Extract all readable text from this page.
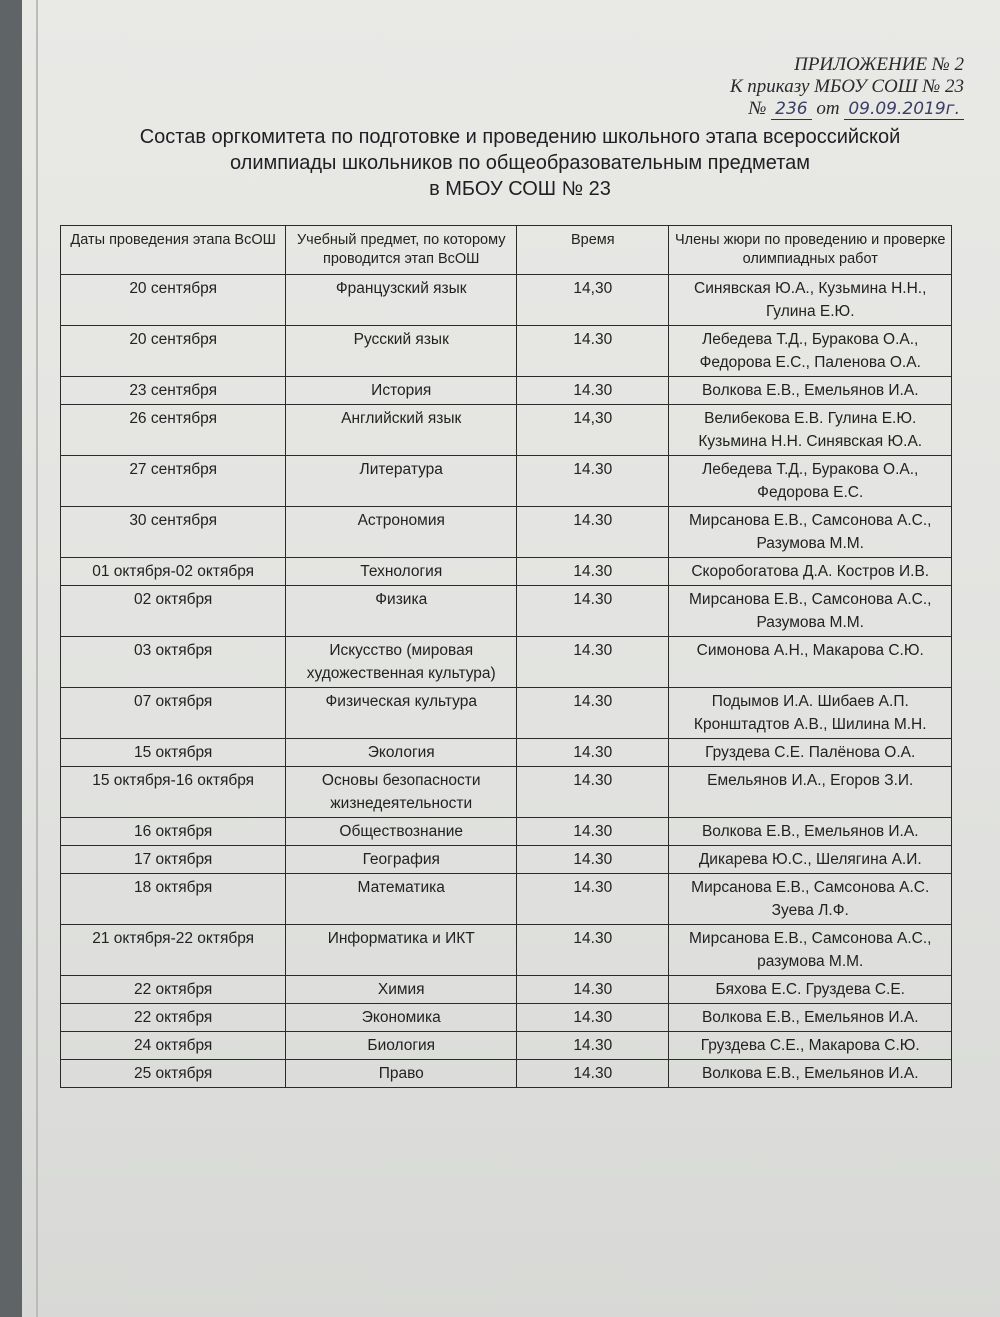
ПРИЛОЖЕНИЕ № 2
К приказу МБОУ СОШ № 23
№ 236 от 09.09.2019г.
Состав оргкомитета по подготовке и проведению школьного этапа всероссийской
олимпиады школьников по общеобразовательным предметам
в МБОУ СОШ № 23
Даты проведения этапа ВсОШ	Учебный предмет, по которому проводится этап ВсОШ	Время	Члены жюри по проведению и проверке олимпиадных работ
20 сентября	Французский язык	14,30	Синявская Ю.А., Кузьмина Н.Н., Гулина Е.Ю.
20 сентября	Русский язык	14.30	Лебедева Т.Д., Буракова О.А., Федорова Е.С., Паленова О.А.
23 сентября	История	14.30	Волкова Е.В., Емельянов И.А.
26 сентября	Английский язык	14,30	Велибекова Е.В. Гулина Е.Ю. Кузьмина Н.Н. Синявская Ю.А.
27 сентября	Литература	14.30	Лебедева Т.Д., Буракова О.А., Федорова Е.С.
30 сентября	Астрономия	14.30	Мирсанова Е.В., Самсонова А.С., Разумова М.М.
01 октября-02 октября	Технология	14.30	Скоробогатова Д.А. Костров И.В.
02 октября	Физика	14.30	Мирсанова Е.В., Самсонова А.С., Разумова М.М.
03 октября	Искусство (мировая художественная культура)	14.30	Симонова А.Н., Макарова С.Ю.
07 октября	Физическая культура	14.30	Подымов И.А. Шибаев А.П. Кронштадтов А.В., Шилина М.Н.
15 октября	Экология	14.30	Груздева С.Е. Палёнова О.А.
15 октября-16 октября	Основы безопасности жизнедеятельности	14.30	Емельянов И.А., Егоров З.И.
16 октября	Обществознание	14.30	Волкова Е.В., Емельянов И.А.
17 октября	География	14.30	Дикарева Ю.С., Шелягина А.И.
18 октября	Математика	14.30	Мирсанова Е.В., Самсонова А.С. Зуева Л.Ф.
21 октября-22 октября	Информатика и ИКТ	14.30	Мирсанова Е.В., Самсонова А.С., разумова М.М.
22 октября	Химия	14.30	Бяхова Е.С. Груздева С.Е.
22 октября	Экономика	14.30	Волкова Е.В., Емельянов И.А.
24 октября	Биология	14.30	Груздева С.Е., Макарова С.Ю.
25 октября	Право	14.30	Волкова Е.В., Емельянов И.А.
